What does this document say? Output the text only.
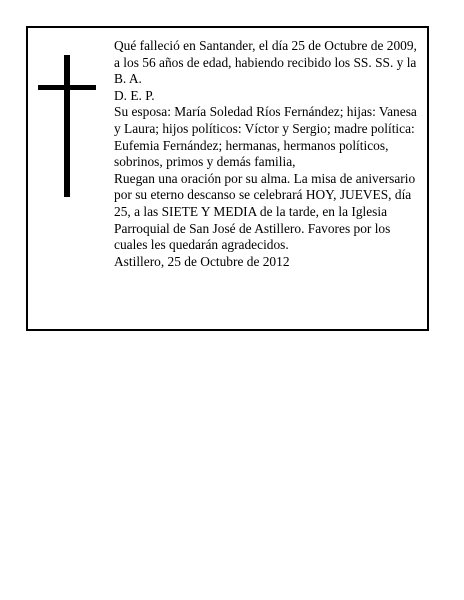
Qué falleció en Santander, el día 25 de Octubre de 2009, a los 56 años de edad, habiendo recibido los SS. SS. y la B. A.

D. E. P.

Su esposa: María Soledad Ríos Fernández; hijas: Vanesa y Laura; hijos políticos: Víctor y Sergio; madre política: Eufemia Fernández; hermanas, hermanos políticos, sobrinos, primos y demás familia,

Ruegan una oración por su alma. La misa de aniversario por su eterno descanso se celebrará HOY, JUEVES, día 25, a las SIETE Y MEDIA de la tarde, en la Iglesia Parroquial de San José de Astillero. Favores por los cuales les quedarán agradecidos.

Astillero, 25 de Octubre de 2012
